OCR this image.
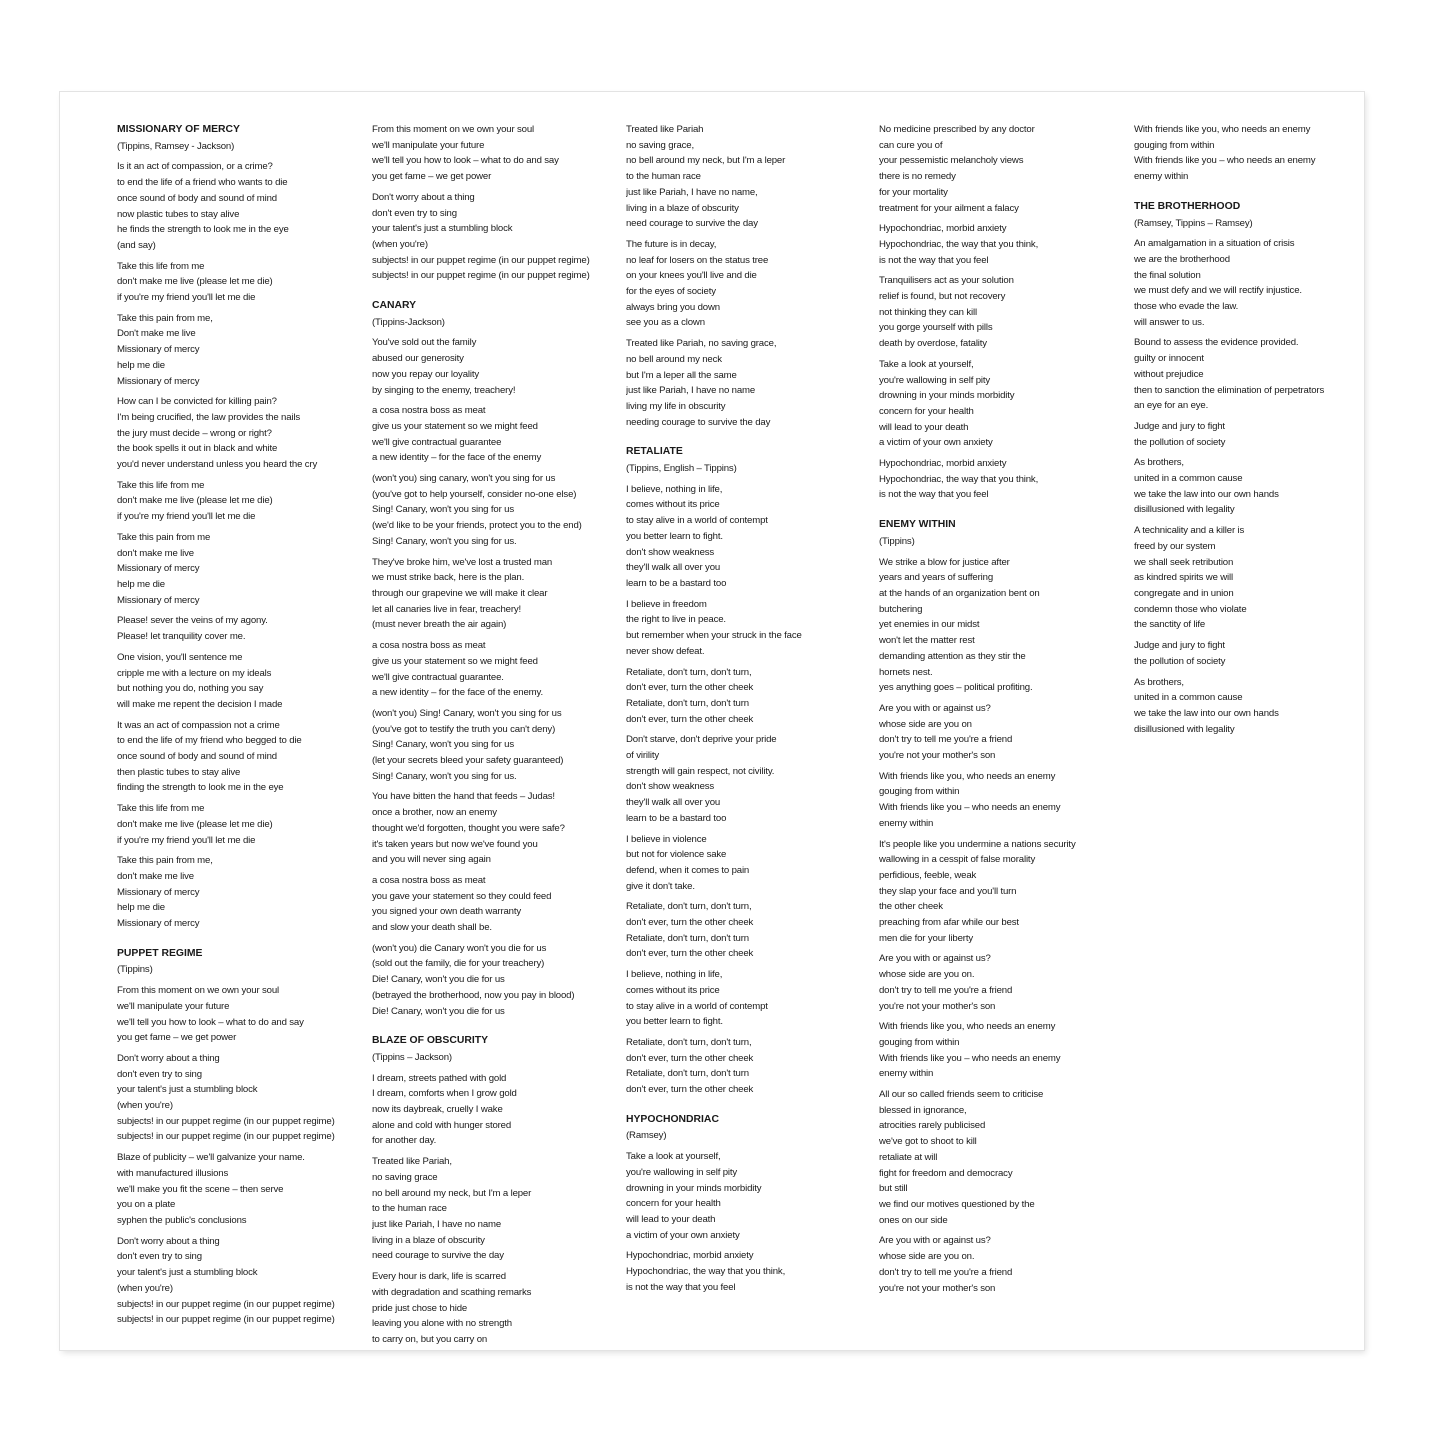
MISSIONARY OF MERCY
(Tippins, Ramsey - Jackson)
Is it an act of compassion, or a crime?
to end the life of a friend who wants to die
once sound of body and sound of mind
now plastic tubes to stay alive
he finds the strength to look me in the eye
(and say)
Take this life from me
don't make me live (please let me die)
if you're my friend you'll let me die
Take this pain from me,
Don't make me live
Missionary of mercy
help me die
Missionary of mercy
How can I be convicted for killing pain?
I'm being crucified, the law provides the nails
the jury must decide – wrong or right?
the book spells it out in black and white
you'd never understand unless you heard the cry
Take this life from me
don't make me live (please let me die)
if you're my friend you'll let me die
Take this pain from me
don't make me live
Missionary of mercy
help me die
Missionary of mercy
Please! sever the veins of my agony.
Please! let tranquility cover me.
One vision, you'll sentence me
cripple me with a lecture on my ideals
but nothing you do, nothing you say
will make me repent the decision I made
It was an act of compassion not a crime
to end the life of my friend who begged to die
once sound of body and sound of mind
then plastic tubes to stay alive
finding the strength to look me in the eye
Take this life from me
don't make me live (please let me die)
if you're my friend you'll let me die
Take this pain from me,
don't make me live
Missionary of mercy
help me die
Missionary of mercy
PUPPET REGIME
(Tippins)
From this moment on we own your soul
we'll manipulate your future
we'll tell you how to look – what to do and say
you get fame – we get power
Don't worry about a thing
don't even try to sing
your talent's just a stumbling block
(when you're)
subjects! in our puppet regime (in our puppet regime)
subjects! in our puppet regime (in our puppet regime)
Blaze of publicity – we'll galvanize your name.
with manufactured illusions
we'll make you fit the scene – then serve
you on a plate
syphen the public's conclusions
Don't worry about a thing
don't even try to sing
your talent's just a stumbling block
(when you're)
subjects! in our puppet regime (in our puppet regime)
subjects! in our puppet regime (in our puppet regime)
From this moment on we own your soul
we'll manipulate your future
we'll tell you how to look – what to do and say
you get fame – we get power
Don't worry about a thing
don't even try to sing
your talent's just a stumbling block
(when you're)
subjects! in our puppet regime (in our puppet regime)
subjects! in our puppet regime (in our puppet regime)
CANARY
(Tippins-Jackson)
You've sold out the family
abused our generosity
now you repay our loyality
by singing to the enemy, treachery!
a cosa nostra boss as meat
give us your statement so we might feed
we'll give contractual guarantee
a new identity – for the face of the enemy
(won't you) sing canary, won't you sing for us
(you've got to help yourself, consider no-one else)
Sing! Canary, won't you sing for us
(we'd like to be your friends, protect you to the end)
Sing! Canary, won't you sing for us.
They've broke him, we've lost a trusted man
we must strike back, here is the plan.
through our grapevine we will make it clear
let all canaries live in fear, treachery!
(must never breath the air again)
a cosa nostra boss as meat
give us your statement so we might feed
we'll give contractual guarantee.
a new identity – for the face of the enemy.
(won't you) Sing! Canary, won't you sing for us
(you've got to testify the truth you can't deny)
Sing! Canary, won't you sing for us
(let your secrets bleed your safety guaranteed)
Sing! Canary, won't you sing for us.
You have bitten the hand that feeds – Judas!
once a brother, now an enemy
thought we'd forgotten, thought you were safe?
it's taken years but now we've found you
and you will never sing again
a cosa nostra boss as meat
you gave your statement so they could feed
you signed your own death warranty
and slow your death shall be.
(won't you) die Canary won't you die for us
(sold out the family, die for your treachery)
Die! Canary, won't you die for us
(betrayed the brotherhood, now you pay in blood)
Die! Canary, won't you die for us
BLAZE OF OBSCURITY
(Tippins – Jackson)
I dream, streets pathed with gold
I dream, comforts when I grow gold
now its daybreak, cruelly I wake
alone and cold with hunger stored
for another day.
Treated like Pariah,
no saving grace
no bell around my neck, but I'm a leper
to the human race
just like Pariah, I have no name
living in a blaze of obscurity
need courage to survive the day
Every hour is dark, life is scarred
with degradation and scathing remarks
pride just chose to hide
leaving you alone with no strength
to carry on, but you carry on
Treated like Pariah
no saving grace,
no bell around my neck, but I'm a leper
to the human race
just like Pariah, I have no name,
living in a blaze of obscurity
need courage to survive the day
The future is in decay,
no leaf for losers on the status tree
on your knees you'll live and die
for the eyes of society
always bring you down
see you as a clown
Treated like Pariah, no saving grace,
no bell around my neck
but I'm a leper all the same
just like Pariah, I have no name
living my life in obscurity
needing courage to survive the day
RETALIATE
(Tippins, English – Tippins)
I believe, nothing in life,
comes without its price
to stay alive in a world of contempt
you better learn to fight.
don't show weakness
they'll walk all over you
learn to be a bastard too
I believe in freedom
the right to live in peace.
but remember when your struck in the face
never show defeat.
Retaliate, don't turn, don't turn,
don't ever, turn the other cheek
Retaliate, don't turn, don't turn
don't ever, turn the other cheek
Don't starve, don't deprive your pride
of virility
strength will gain respect, not civility.
don't show weakness
they'll walk all over you
learn to be a bastard too
I believe in violence
but not for violence sake
defend, when it comes to pain
give it don't take.
Retaliate, don't turn, don't turn,
don't ever, turn the other cheek
Retaliate, don't turn, don't turn
don't ever, turn the other cheek
I believe, nothing in life,
comes without its price
to stay alive in a world of contempt
you better learn to fight.
Retaliate, don't turn, don't turn,
don't ever, turn the other cheek
Retaliate, don't turn, don't turn
don't ever, turn the other cheek
HYPOCHONDRIAC
(Ramsey)
Take a look at yourself,
you're wallowing in self pity
drowning in your minds morbidity
concern for your health
will lead to your death
a victim of your own anxiety
Hypochondriac, morbid anxiety
Hypochondriac, the way that you think,
is not the way that you feel
No medicine prescribed by any doctor
can cure you of
your pessemistic melancholy views
there is no remedy
for your mortality
treatment for your ailment a falacy
Hypochondriac, morbid anxiety
Hypochondriac, the way that you think,
is not the way that you feel
Tranquilisers act as your solution
relief is found, but not recovery
not thinking they can kill
you gorge yourself with pills
death by overdose, fatality
Take a look at yourself,
you're wallowing in self pity
drowning in your minds morbidity
concern for your health
will lead to your death
a victim of your own anxiety
Hypochondriac, morbid anxiety
Hypochondriac, the way that you think,
is not the way that you feel
ENEMY WITHIN
(Tippins)
We strike a blow for justice after
years and years of suffering
at the hands of an organization bent on
butchering
yet enemies in our midst
won't let the matter rest
demanding attention as they stir the
hornets nest.
yes anything goes – political profiting.
Are you with or against us?
whose side are you on
don't try to tell me you're a friend
you're not your mother's son
With friends like you, who needs an enemy
gouging from within
With friends like you – who needs an enemy
enemy within
It's people like you undermine a nations security
wallowing in a cesspit of false morality
perfidious, feeble, weak
they slap your face and you'll turn
the other cheek
preaching from afar while our best
men die for your liberty
Are you with or against us?
whose side are you on.
don't try to tell me you're a friend
you're not your mother's son
With friends like you, who needs an enemy
gouging from within
With friends like you – who needs an enemy
enemy within
All our so called friends seem to criticise
blessed in ignorance,
atrocities rarely publicised
we've got to shoot to kill
retaliate at will
fight for freedom and democracy
but still
we find our motives questioned by the
ones on our side
Are you with or against us?
whose side are you on.
don't try to tell me you're a friend
you're not your mother's son
With friends like you, who needs an enemy
gouging from within
With friends like you – who needs an enemy
enemy within
THE BROTHERHOOD
(Ramsey, Tippins – Ramsey)
An amalgamation in a situation of crisis
we are the brotherhood
the final solution
we must defy and we will rectify injustice.
those who evade the law.
will answer to us.
Bound to assess the evidence provided.
guilty or innocent
without prejudice
then to sanction the elimination of perpetrators
an eye for an eye.
Judge and jury to fight
the pollution of society
As brothers,
united in a common cause
we take the law into our own hands
disillusioned with legality
A technicality and a killer is
freed by our system
we shall seek retribution
as kindred spirits we will
congregate and in union
condemn those who violate
the sanctity of life
Judge and jury to fight
the pollution of society
As brothers,
united in a common cause
we take the law into our own hands
disillusioned with legality
